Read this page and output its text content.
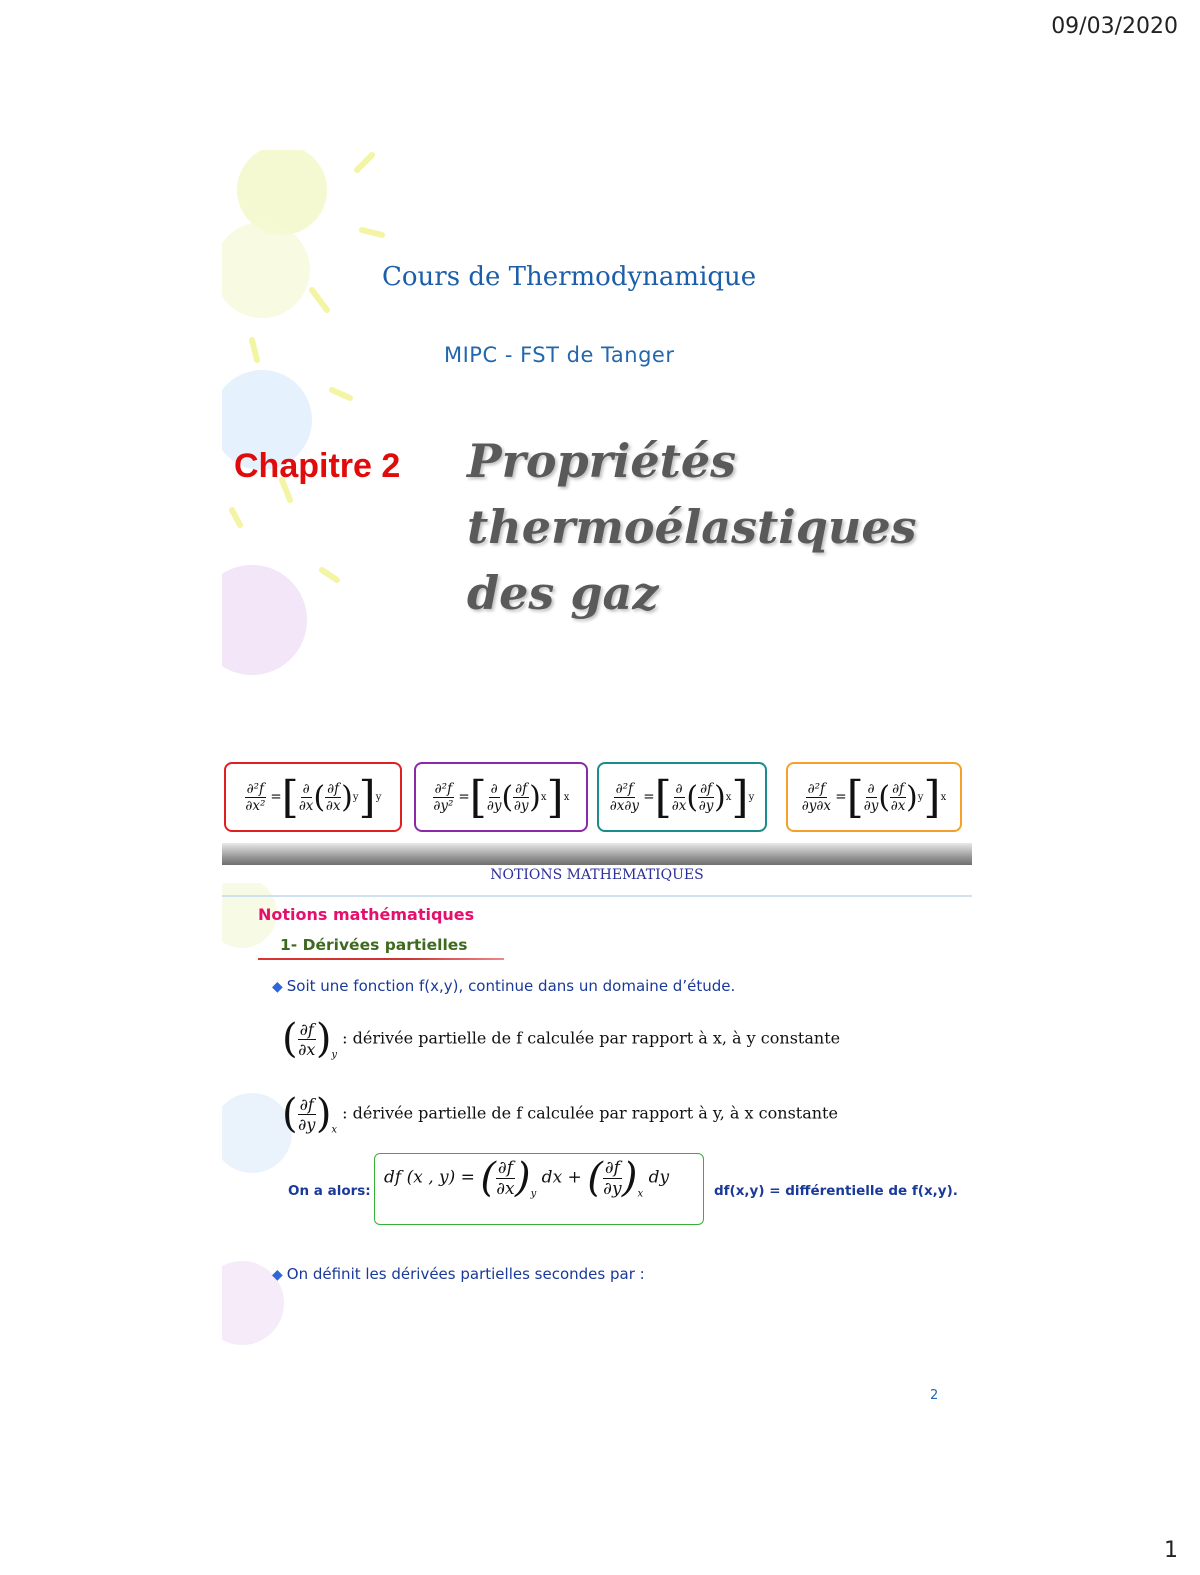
09/03/2020
Cours de Thermodynamique
MIPC - FST de Tanger
Chapitre 2 Propriétés
thermoélastiques
des gaz
NOTIONS MATHEMATIQUES
Notions mathématiques
1- Dérivées partielles
◆ Soit une fonction f(x,y), continue dans un domaine d’étude.
( $\frac{\partial f}{\partial x} )_y$ : dérivée partielle de f calculée par rapport à x, à y constante
( $\frac{\partial f}{\partial y} )_x$ : dérivée partielle de f calculée par rapport à y, à x constante
On a alors:
df (x , y) = ( $\frac{\partial f}{\partial x} )_y$ dx + ( $\frac{\partial f}{\partial y} )_x$ dy
df(x,y) = différentielle de f(x,y).
◆ On définit les dérivées partielles secondes par :
2
$\frac{\text{∂²f}}{\text{∂x²}}$ = [ $\frac{\partial}{\partial x}$ ( $\frac{\partial f}{\partial x}$ ) y ] y	$\frac{\text{∂²f}}{\text{∂y²}}$ = [ $\frac{\partial}{\partial y}$ ( $\frac{\partial f}{\partial y}$ ) x ] x	$\frac{\text{∂²f}}{\partial x\partial y}$ = [ $\frac{\partial}{\partial x}$ ( $\frac{\partial f}{\partial y}$ ) x ] y	$\frac{\text{∂²f}}{\partial y\partial x}$ = [ $\frac{\partial}{\partial y}$ ( $\frac{\partial f}{\partial x}$ ) y ] x
1
